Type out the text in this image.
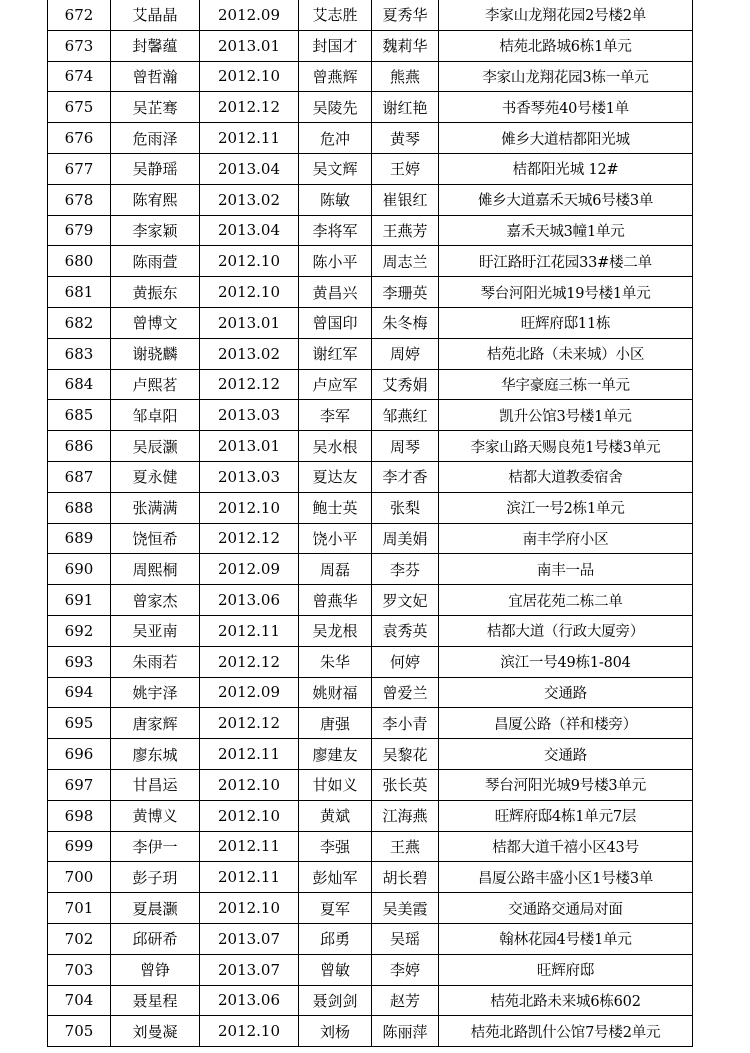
672	艾晶晶	2012.09	艾志胜	夏秀华	李家山龙翔花园2号楼2单
673	封馨蕴	2013.01	封国才	魏莉华	桔苑北路城6栋1单元
674	曾哲瀚	2012.10	曾燕辉	熊燕	李家山龙翔花园3栋一单元
675	吴芷骞	2012.12	吴陵先	谢红艳	书香琴苑40号楼1单
676	危雨泽	2012.11	危冲	黄琴	傩乡大道桔都阳光城
677	吴静瑶	2013.04	吴文辉	王婷	桔都阳光城 12#
678	陈宥熙	2013.02	陈敏	崔银红	傩乡大道嘉禾天城6号楼3单
679	李家颖	2013.04	李将军	王燕芳	嘉禾天城3幢1单元
680	陈雨萱	2012.10	陈小平	周志兰	盱江路盱江花园33#楼二单
681	黄振东	2012.10	黄昌兴	李珊英	琴台河阳光城19号楼1单元
682	曾博文	2013.01	曾国印	朱冬梅	旺辉府邸11栋
683	谢骁麟	2013.02	谢红军	周婷	桔苑北路（未来城）小区
684	卢熙茗	2012.12	卢应军	艾秀娟	华宇豪庭三栋一单元
685	邹卓阳	2013.03	李军	邹燕红	凯升公馆3号楼1单元
686	吴辰灏	2013.01	吴水根	周琴	李家山路天赐良苑1号楼3单元
687	夏永健	2013.03	夏达友	李才香	桔都大道教委宿舍
688	张满满	2012.10	鲍士英	张梨	滨江一号2栋1单元
689	饶恒希	2012.12	饶小平	周美娟	南丰学府小区
690	周熙桐	2012.09	周磊	李芬	南丰一品
691	曾家杰	2013.06	曾燕华	罗文妃	宜居花苑二栋二单
692	吴亚南	2012.11	吴龙根	袁秀英	桔都大道（行政大厦旁）
693	朱雨若	2012.12	朱华	何婷	滨江一号49栋1-804
694	姚宇泽	2012.09	姚财福	曾爱兰	交通路
695	唐家辉	2012.12	唐强	李小青	昌厦公路（祥和楼旁）
696	廖东城	2012.11	廖建友	吴黎花	交通路
697	甘昌运	2012.10	甘如义	张长英	琴台河阳光城9号楼3单元
698	黄博义	2012.10	黄斌	江海燕	旺辉府邸4栋1单元7层
699	李伊一	2012.11	李强	王燕	桔都大道千禧小区43号
700	彭子玥	2012.11	彭灿军	胡长碧	昌厦公路丰盛小区1号楼3单
701	夏晨灏	2012.10	夏军	吴美霞	交通路交通局对面
702	邱研希	2013.07	邱勇	吴瑶	翰林花园4号楼1单元
703	曾铮	2013.07	曾敏	李婷	旺辉府邸
704	聂星程	2013.06	聂剑剑	赵芳	桔苑北路未来城6栋602
705	刘曼凝	2012.10	刘杨	陈丽萍	桔苑北路凯什公馆7号楼2单元
